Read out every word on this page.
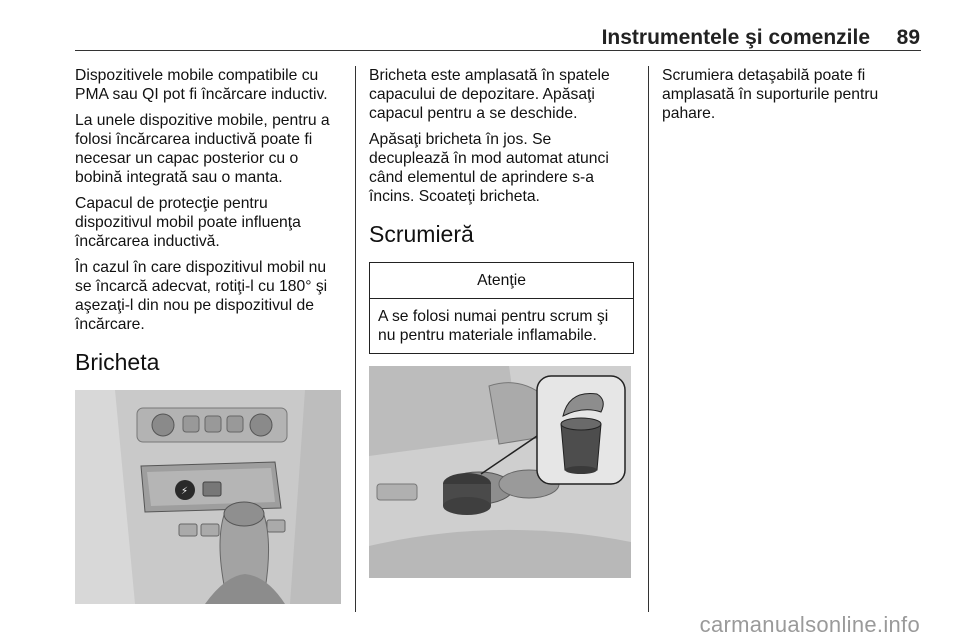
Instrumentele şi comenzile 89

Dispozitivele mobile compatibile cu PMA sau QI pot fi încărcare inductiv.

La unele dispozitive mobile, pentru a folosi încărcarea inductivă poate fi necesar un capac posterior cu o bobină integrată sau o manta.

Capacul de protecţie pentru dispozitivul mobil poate influenţa încărcarea inductivă.

În cazul în care dispozitivul mobil nu se încarcă adecvat, rotiţi-l cu 180° şi aşezaţi-l din nou pe dispozitivul de încărcare.

Bricheta
⚡

Bricheta este amplasată în spatele capacului de depozitare. Apăsaţi capacul pentru a se deschide.

Apăsaţi bricheta în jos. Se decuplează în mod automat atunci când elementul de aprindere s-a încins. Scoateţi bricheta.

Scrumieră
Atenţie
A se folosi numai pentru scrum şi nu pentru materiale inflamabile.

Scrumiera detaşabilă poate fi amplasată în suporturile pentru pahare.

carmanualsonline.info
